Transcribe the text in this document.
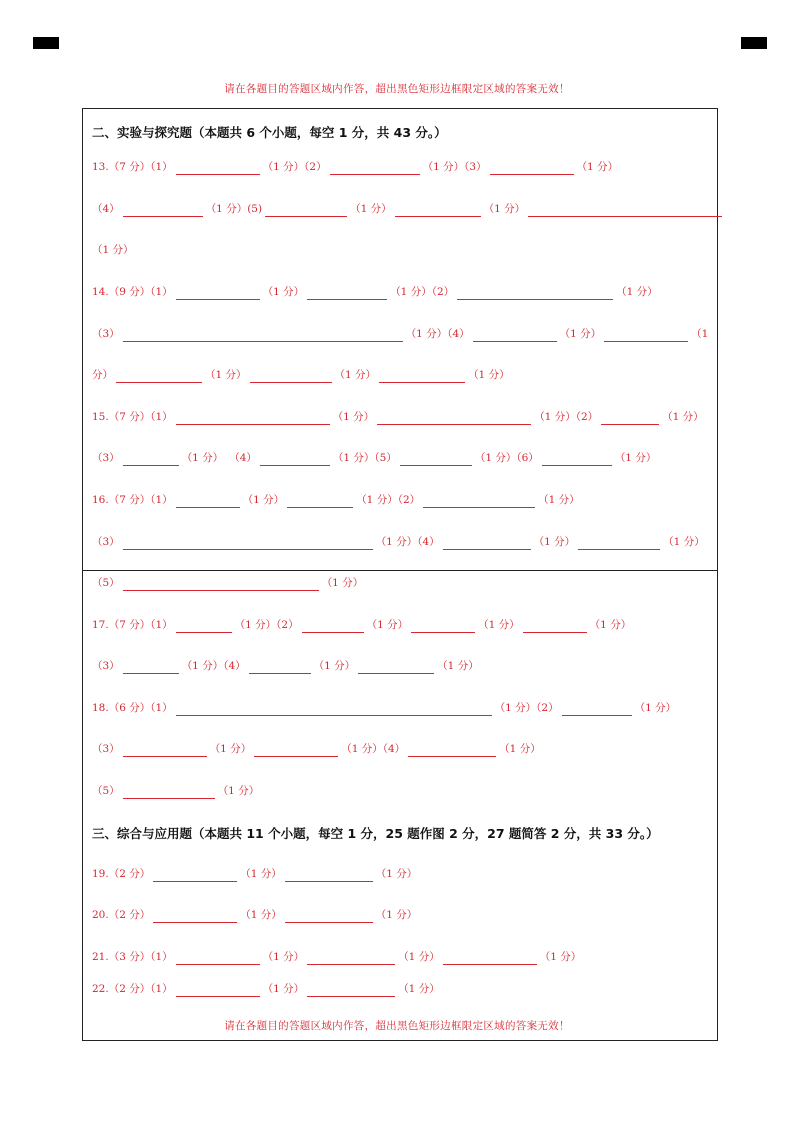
请在各题目的答题区域内作答，超出黑色矩形边框限定区域的答案无效！
二、实验与探究题（本题共 6 个小题，每空 1 分，共 43 分。）
13.（7 分）（1）	（1 分）（2）	（1 分）（3）	（1 分）
（4）	（1 分）(5)	（1 分）	（1 分）
（1 分）
14.（9 分）（1）	（1 分）	（1 分）（2）	（1 分）
（3）	（1 分）（4）	（1 分）	（1
分）	（1 分）	（1 分）	（1 分）
15.（7 分）（1）	（1 分）	（1 分）（2）	（1 分）
（3）	（1 分） （4）	（1 分）（5）	（1 分）（6）	（1 分）
16.（7 分）（1）	（1 分）	（1 分）（2）	（1 分）
（3）	（1 分）（4）	（1 分）	（1 分）
（5）	（1 分）
17.（7 分）（1）	（1 分）（2）	（1 分）	（1 分）	（1 分）
（3）	（1 分）（4）	（1 分）	（1 分）
18.（6 分）（1）	（1 分）（2）	（1 分）
（3）	（1 分）	（1 分）（4）	（1 分）
（5）	（1 分）
三、综合与应用题（本题共 11 个小题，每空 1 分，25 题作图 2 分，27 题简答 2 分，共 33 分。）
19.（2 分）	（1 分）	（1 分）
20.（2 分）	（1 分）	（1 分）
21.（3 分）（1）	（1 分）	（1 分）	（1 分）
22.（2 分）（1）	（1 分）	（1 分）
请在各题目的答题区域内作答，超出黑色矩形边框限定区域的答案无效！
